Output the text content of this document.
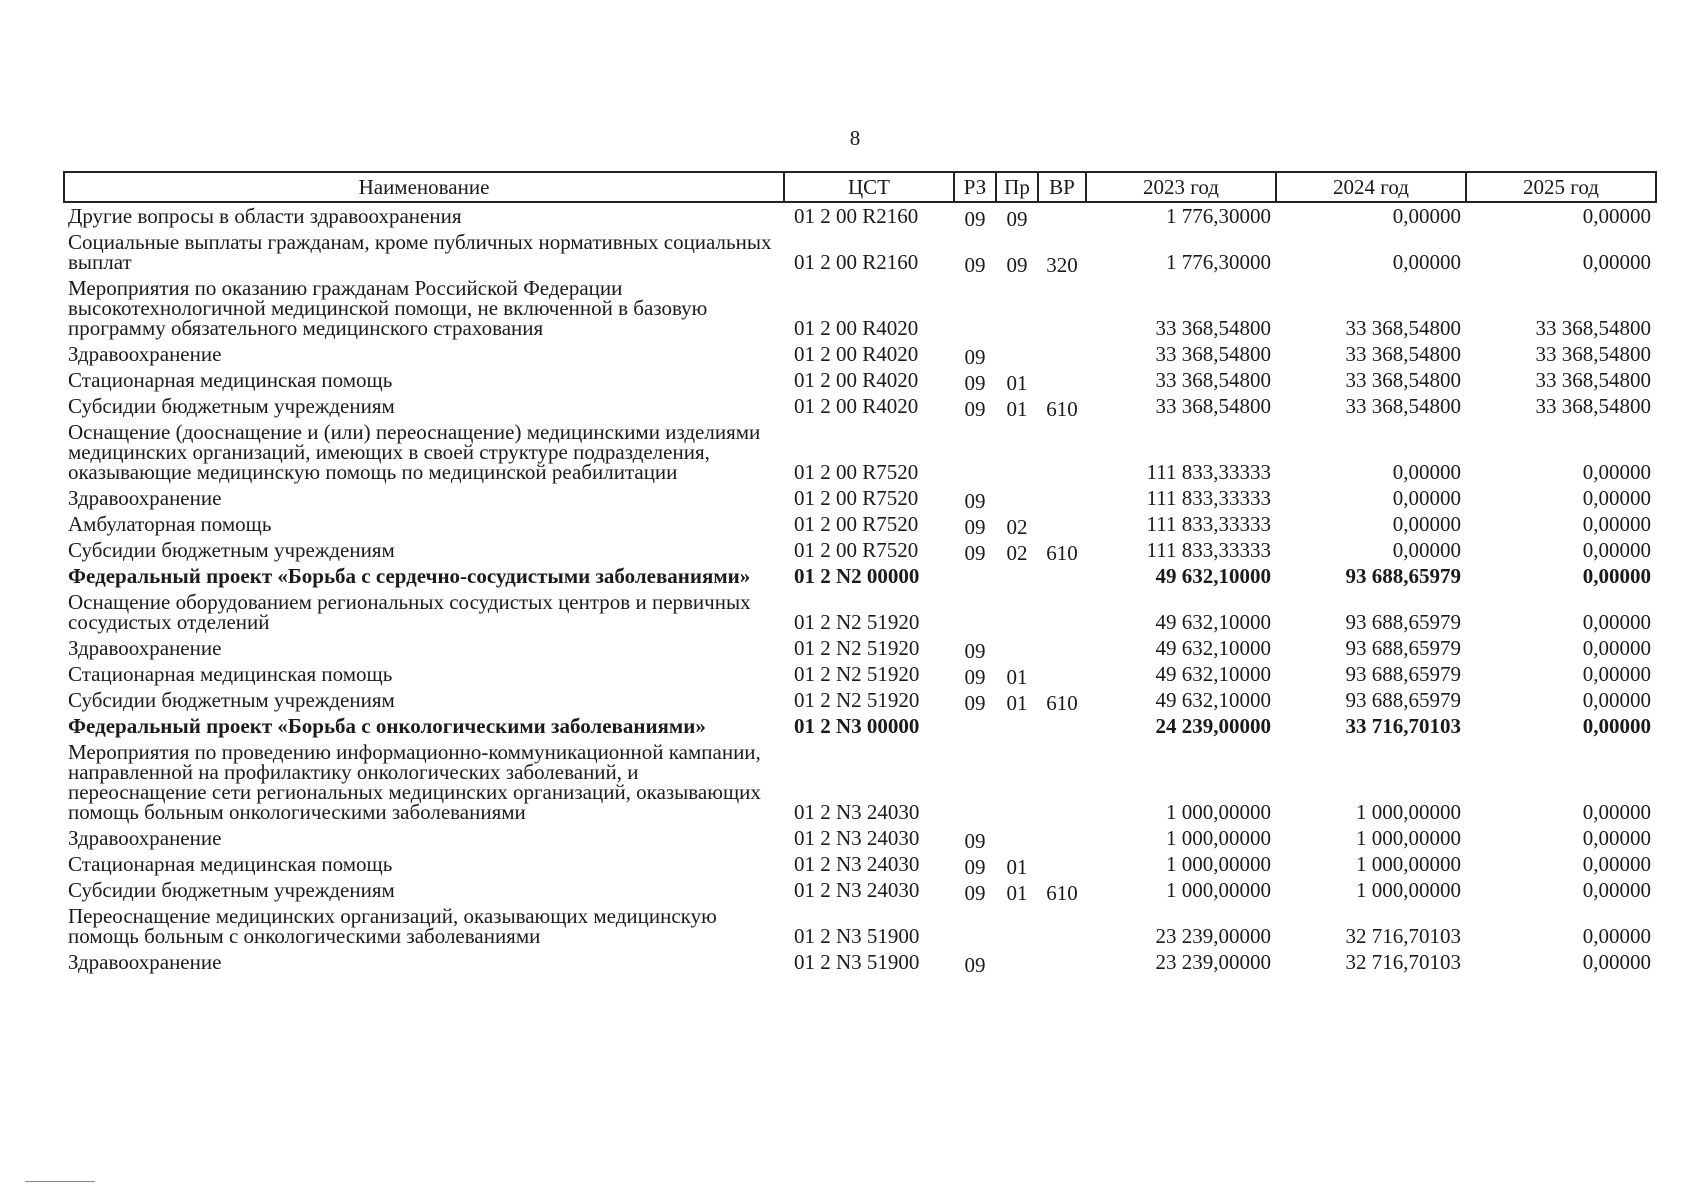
8
Наименование	ЦСТ	РЗ	Пр	ВР	2023 год	2024 год	2025 год
Другие вопросы в области здравоохранения	01 2 00 R2160	09	09		1 776,30000	0,00000	0,00000
Социальные выплаты гражданам, кроме публичных нормативных социальных выплат	01 2 00 R2160	09	09	320	1 776,30000	0,00000	0,00000
Мероприятия по оказанию гражданам Российской Федерации высокотехнологичной медицинской помощи, не включенной в базовую программу обязательного медицинского страхования	01 2 00 R4020				33 368,54800	33 368,54800	33 368,54800
Здравоохранение	01 2 00 R4020	09			33 368,54800	33 368,54800	33 368,54800
Стационарная медицинская помощь	01 2 00 R4020	09	01		33 368,54800	33 368,54800	33 368,54800
Субсидии бюджетным учреждениям	01 2 00 R4020	09	01	610	33 368,54800	33 368,54800	33 368,54800
Оснащение (дооснащение и (или) переоснащение) медицинскими изделиями медицинских организаций, имеющих в своей структуре подразделения, оказывающие медицинскую помощь по медицинской реабилитации	01 2 00 R7520				111 833,33333	0,00000	0,00000
Здравоохранение	01 2 00 R7520	09			111 833,33333	0,00000	0,00000
Амбулаторная помощь	01 2 00 R7520	09	02		111 833,33333	0,00000	0,00000
Субсидии бюджетным учреждениям	01 2 00 R7520	09	02	610	111 833,33333	0,00000	0,00000
Федеральный проект «Борьба с сердечно-сосудистыми заболеваниями»	01 2 N2 00000				49 632,10000	93 688,65979	0,00000
Оснащение оборудованием региональных сосудистых центров и первичных сосудистых отделений	01 2 N2 51920				49 632,10000	93 688,65979	0,00000
Здравоохранение	01 2 N2 51920	09			49 632,10000	93 688,65979	0,00000
Стационарная медицинская помощь	01 2 N2 51920	09	01		49 632,10000	93 688,65979	0,00000
Субсидии бюджетным учреждениям	01 2 N2 51920	09	01	610	49 632,10000	93 688,65979	0,00000
Федеральный проект «Борьба с онкологическими заболеваниями»	01 2 N3 00000				24 239,00000	33 716,70103	0,00000
Мероприятия по проведению информационно-коммуникационной кампании, направленной на профилактику онкологических заболеваний, и переоснащение сети региональных медицинских организаций, оказывающих помощь больным онкологическими заболеваниями	01 2 N3 24030				1 000,00000	1 000,00000	0,00000
Здравоохранение	01 2 N3 24030	09			1 000,00000	1 000,00000	0,00000
Стационарная медицинская помощь	01 2 N3 24030	09	01		1 000,00000	1 000,00000	0,00000
Субсидии бюджетным учреждениям	01 2 N3 24030	09	01	610	1 000,00000	1 000,00000	0,00000
Переоснащение медицинских организаций, оказывающих медицинскую помощь больным с онкологическими заболеваниями	01 2 N3 51900				23 239,00000	32 716,70103	0,00000
Здравоохранение	01 2 N3 51900	09			23 239,00000	32 716,70103	0,00000
